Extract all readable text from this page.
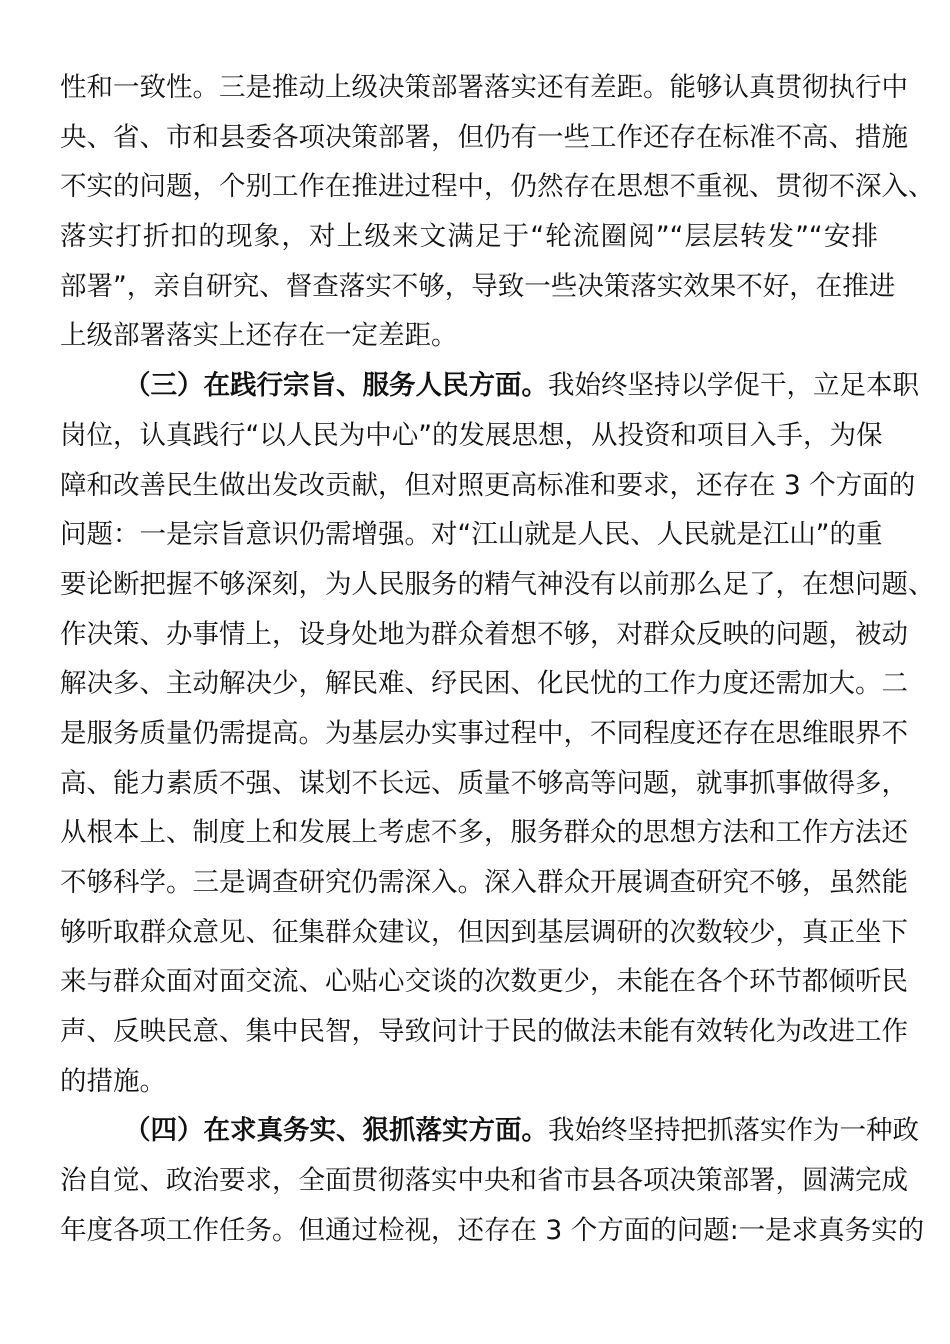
性和一致性。三是推动上级决策部署落实还有差距。能够认真贯彻执行中
央、省、市和县委各项决策部署，但仍有一些工作还存在标准不高、措施
不实的问题，个别工作在推进过程中，仍然存在思想不重视、贯彻不深入、
落实打折扣的现象，对上级来文满足于“轮流圈阅”“层层转发”“安排
部署”，亲自研究、督查落实不够，导致一些决策落实效果不好，在推进
上级部署落实上还存在一定差距。
（三）在践行宗旨、服务人民方面。我始终坚持以学促干，立足本职
岗位，认真践行“以人民为中心”的发展思想，从投资和项目入手，为保
障和改善民生做出发改贡献，但对照更高标准和要求，还存在 3 个方面的
问题：一是宗旨意识仍需增强。对“江山就是人民、人民就是江山”的重
要论断把握不够深刻，为人民服务的精气神没有以前那么足了，在想问题、
作决策、办事情上，设身处地为群众着想不够，对群众反映的问题，被动
解决多、主动解决少，解民难、纾民困、化民忧的工作力度还需加大。二
是服务质量仍需提高。为基层办实事过程中，不同程度还存在思维眼界不
高、能力素质不强、谋划不长远、质量不够高等问题，就事抓事做得多，
从根本上、制度上和发展上考虑不多，服务群众的思想方法和工作方法还
不够科学。三是调查研究仍需深入。深入群众开展调查研究不够，虽然能
够听取群众意见、征集群众建议，但因到基层调研的次数较少，真正坐下
来与群众面对面交流、心贴心交谈的次数更少，未能在各个环节都倾听民
声、反映民意、集中民智，导致问计于民的做法未能有效转化为改进工作
的措施。
（四）在求真务实、狠抓落实方面。我始终坚持把抓落实作为一种政
治自觉、政治要求，全面贯彻落实中央和省市县各项决策部署，圆满完成
年度各项工作任务。但通过检视，还存在 3 个方面的问题:一是求真务实的
